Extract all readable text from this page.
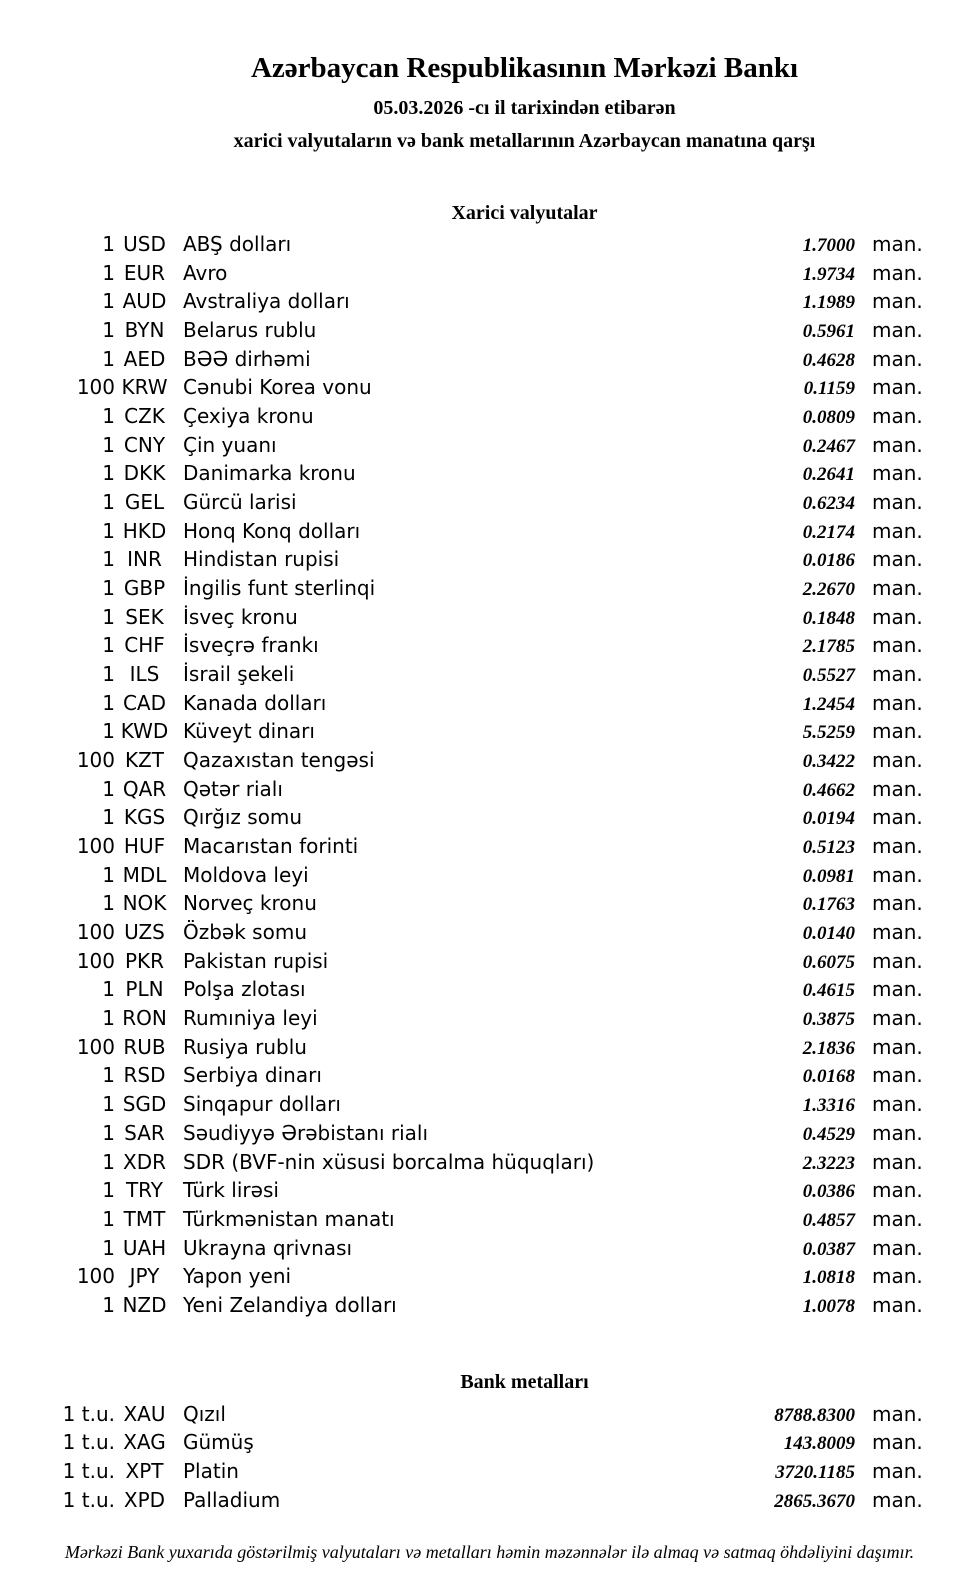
Azərbaycan Respublikasının Mərkəzi Bankı
05.03.2026 -cı il tarixindən etibarən
xarici valyutaların və bank metallarının Azərbaycan manatına qarşı
Xarici valyutalar
1 USD ABŞ dolları	1.7000 man.
1 EUR Avro	1.9734 man.
1 AUD Avstraliya dolları	1.1989 man.
1 BYN Belarus rublu	0.5961 man.
1 AED BƏƏ dirhəmi	0.4628 man.
100 KRW Cənubi Korea vonu	0.1159 man.
1 CZK Çexiya kronu	0.0809 man.
1 CNY Çin yuanı	0.2467 man.
1 DKK Danimarka kronu	0.2641 man.
1 GEL Gürcü larisi	0.6234 man.
1 HKD Honq Konq dolları	0.2174 man.
1 INR	Hindistan rupisi	0.0186 man.
1 GBP İngilis funt sterlinqi	2.2670 man.
1 SEK İsveç kronu	0.1848 man.
1 CHF İsveçrə frankı	2.1785 man.
1 ILS	İsrail şekeli	0.5527 man.
1 CAD Kanada dolları	1.2454 man.
1 KWD Küveyt dinarı	5.5259 man.
100 KZT Qazaxıstan tengəsi	0.3422 man.
1 QAR Qətər rialı	0.4662 man.
1 KGS Qırğız somu	0.0194 man.
100 HUF Macarıstan forinti	0.5123 man.
1 MDL Moldova leyi	0.0981 man.
1 NOK Norveç kronu	0.1763 man.
100 UZS Özbək somu	0.0140 man.
100 PKR Pakistan rupisi	0.6075 man.
1 PLN Polşa zlotası	0.4615 man.
1 RON Rumıniya leyi	0.3875 man.
100 RUB Rusiya rublu	2.1836 man.
1 RSD Serbiya dinarı	0.0168 man.
1 SGD Sinqapur dolları	1.3316 man.
1 SAR Səudiyyə Ərəbistanı rialı	0.4529 man.
1 XDR SDR (BVF-nin xüsusi borcalma hüquqları)	2.3223 man.
1 TRY Türk lirəsi	0.0386 man.
1 TMT Türkmənistan manatı	0.4857 man.
1 UAH Ukrayna qrivnası	0.0387 man.
100 JPY	Yapon yeni	1.0818 man.
1 NZD Yeni Zelandiya dolları	1.0078 man.
Bank metalları
1 t.u. XAU Qızıl	8788.8300 man.
1 t.u. XAG Gümüş	143.8009 man.
1 t.u. XPT Platin	3720.1185 man.
1 t.u. XPD Palladium	2865.3670 man.
Mərkəzi Bank yuxarıda göstərilmiş valyutaları və metalları həmin məzənnələr ilə almaq və satmaq öhdəliyini daşımır.
